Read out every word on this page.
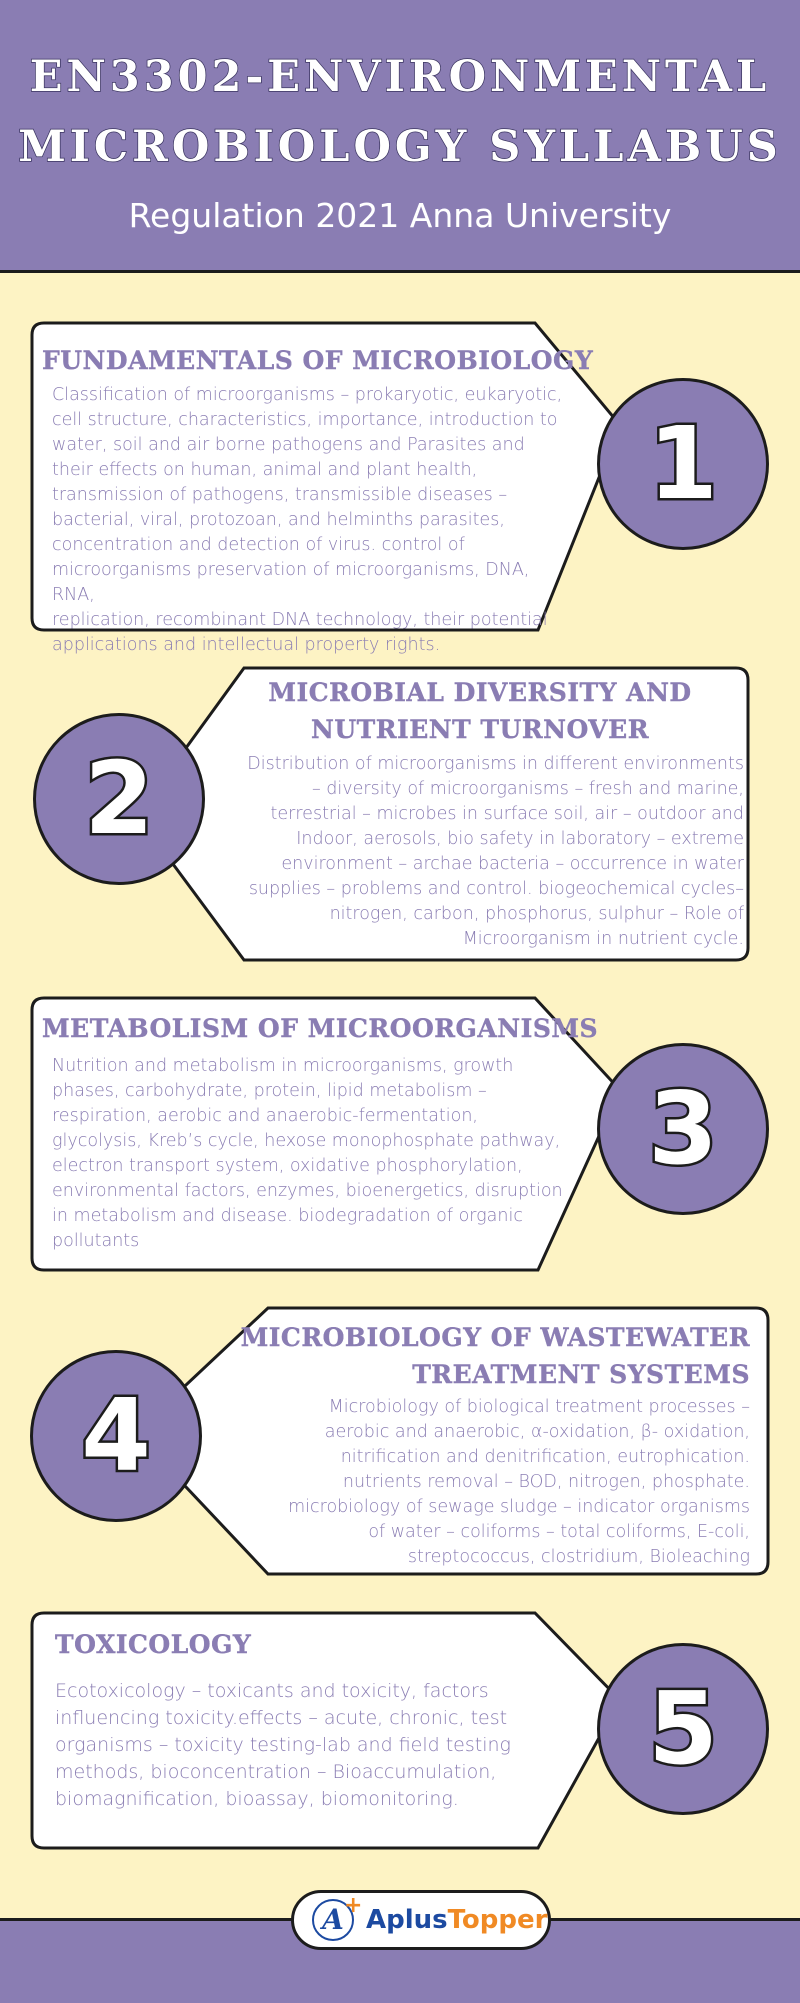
EN3302-ENVIRONMENTAL
MICROBIOLOGY SYLLABUS
Regulation 2021 Anna University
FUNDAMENTALS OF MICROBIOLOGY
Classification of microorganisms – prokaryotic, eukaryotic,
cell structure, characteristics, importance, introduction to
water, soil and air borne pathogens and Parasites and
their effects on human, animal and plant health,
transmission of pathogens, transmissible diseases –
bacterial, viral, protozoan, and helminths parasites,
concentration and detection of virus. control of
microorganisms preservation of microorganisms, DNA, RNA,
replication, recombinant DNA technology, their potential
applications and intellectual property rights.
1
MICROBIAL DIVERSITY AND
NUTRIENT TURNOVER
Distribution of microorganisms in different environments
– diversity of microorganisms – fresh and marine,
terrestrial – microbes in surface soil, air – outdoor and
Indoor, aerosols, bio safety in laboratory – extreme
environment – archae bacteria – occurrence in water
supplies – problems and control. biogeochemical cycles–
nitrogen, carbon, phosphorus, sulphur – Role of
Microorganism in nutrient cycle.
2
METABOLISM OF MICROORGANISMS
Nutrition and metabolism in microorganisms, growth
phases, carbohydrate, protein, lipid metabolism –
respiration, aerobic and anaerobic-fermentation,
glycolysis, Kreb’s cycle, hexose monophosphate pathway,
electron transport system, oxidative phosphorylation,
environmental factors, enzymes, bioenergetics, disruption
in metabolism and disease. biodegradation of organic
pollutants
3
MICROBIOLOGY OF WASTEWATER
TREATMENT SYSTEMS
Microbiology of biological treatment processes –
aerobic and anaerobic, α-oxidation, β- oxidation,
nitrification and denitrification, eutrophication.
nutrients removal – BOD, nitrogen, phosphate.
microbiology of sewage sludge – indicator organisms
of water – coliforms – total coliforms, E-coli,
streptococcus, clostridium, Bioleaching
4
TOXICOLOGY
Ecotoxicology – toxicants and toxicity, factors
influencing toxicity.effects – acute, chronic, test
organisms – toxicity testing-lab and field testing
methods, bioconcentration – Bioaccumulation,
biomagnification, bioassay, biomonitoring.
5
A + AplusTopper
